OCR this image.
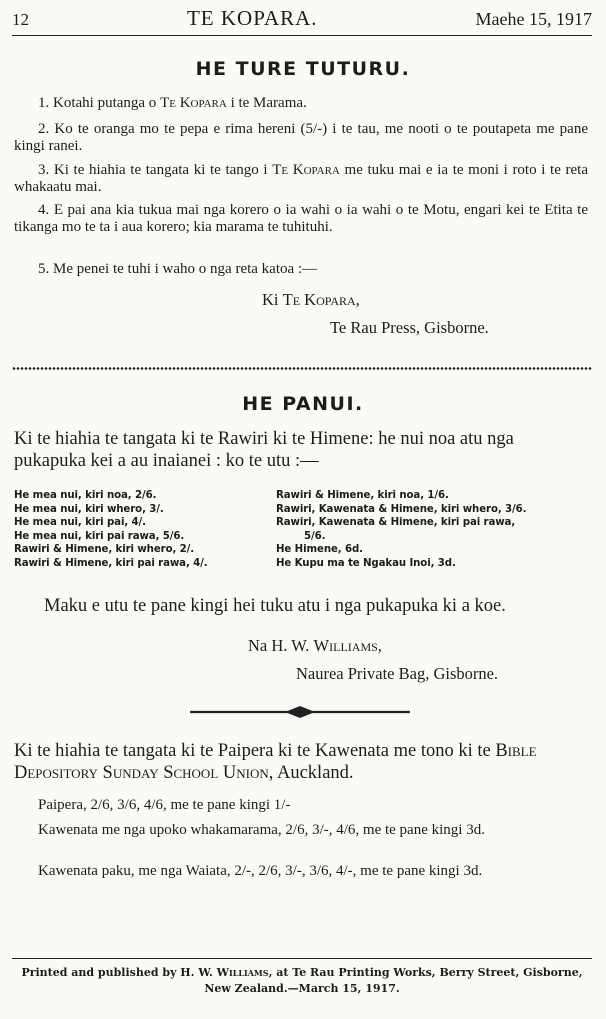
12	TE KOPARA.	Maehe 15, 1917
HE TURE TUTURU.
1. Kotahi putanga o Te Kopara i te Marama.
2. Ko te oranga mo te pepa e rima hereni (5/-) i te tau, me nooti o te poutapeta me pane kingi ranei.
3. Ki te hiahia te tangata ki te tango i Te Kopara me tuku mai e ia te moni i roto i te reta whakaatu mai.
4. E pai ana kia tukua mai nga korero o ia wahi o ia wahi o te Motu, engari kei te Etita te tikanga mo te ta i aua korero; kia marama te tuhituhi.
5. Me penei te tuhi i waho o nga reta katoa :—
Ki Te Kopara,
Te Rau Press, Gisborne.
HE PANUI.
Ki te hiahia te tangata ki te Rawiri ki te Himene: he nui noa atu nga pukapuka kei a au inaianei : ko te utu :—
He mea nui, kiri noa, 2/6.
He mea nui, kiri whero, 3/.
He mea nui, kiri pai, 4/.
He mea nui, kiri pai rawa, 5/6.
Rawiri & Himene, kiri whero, 2/.
Rawiri & Himene, kiri pai rawa, 4/.
Rawiri & Himene, kiri noa, 1/6.
Rawiri, Kawenata & Himene, kiri whero, 3/6.
Rawiri, Kawenata & Himene, kiri pai rawa,
5/6.
He Himene, 6d.
He Kupu ma te Ngakau Inoi, 3d.
Maku e utu te pane kingi hei tuku atu i nga pukapuka ki a koe.
Na H. W. Williams,
Naurea Private Bag, Gisborne.
Ki te hiahia te tangata ki te Paipera ki te Kawenata me tono ki te Bible Depository Sunday School Union, Auckland.
Paipera, 2/6, 3/6, 4/6, me te pane kingi 1/-
Kawenata me nga upoko whakamarama, 2/6, 3/-, 4/6, me te pane kingi 3d.
Kawenata paku, me nga Waiata, 2/-, 2/6, 3/-, 3/6, 4/-, me te pane kingi 3d.
Printed and published by H. W. Williams, at Te Rau Printing Works, Berry Street, Gisborne, New Zealand.—March 15, 1917.
